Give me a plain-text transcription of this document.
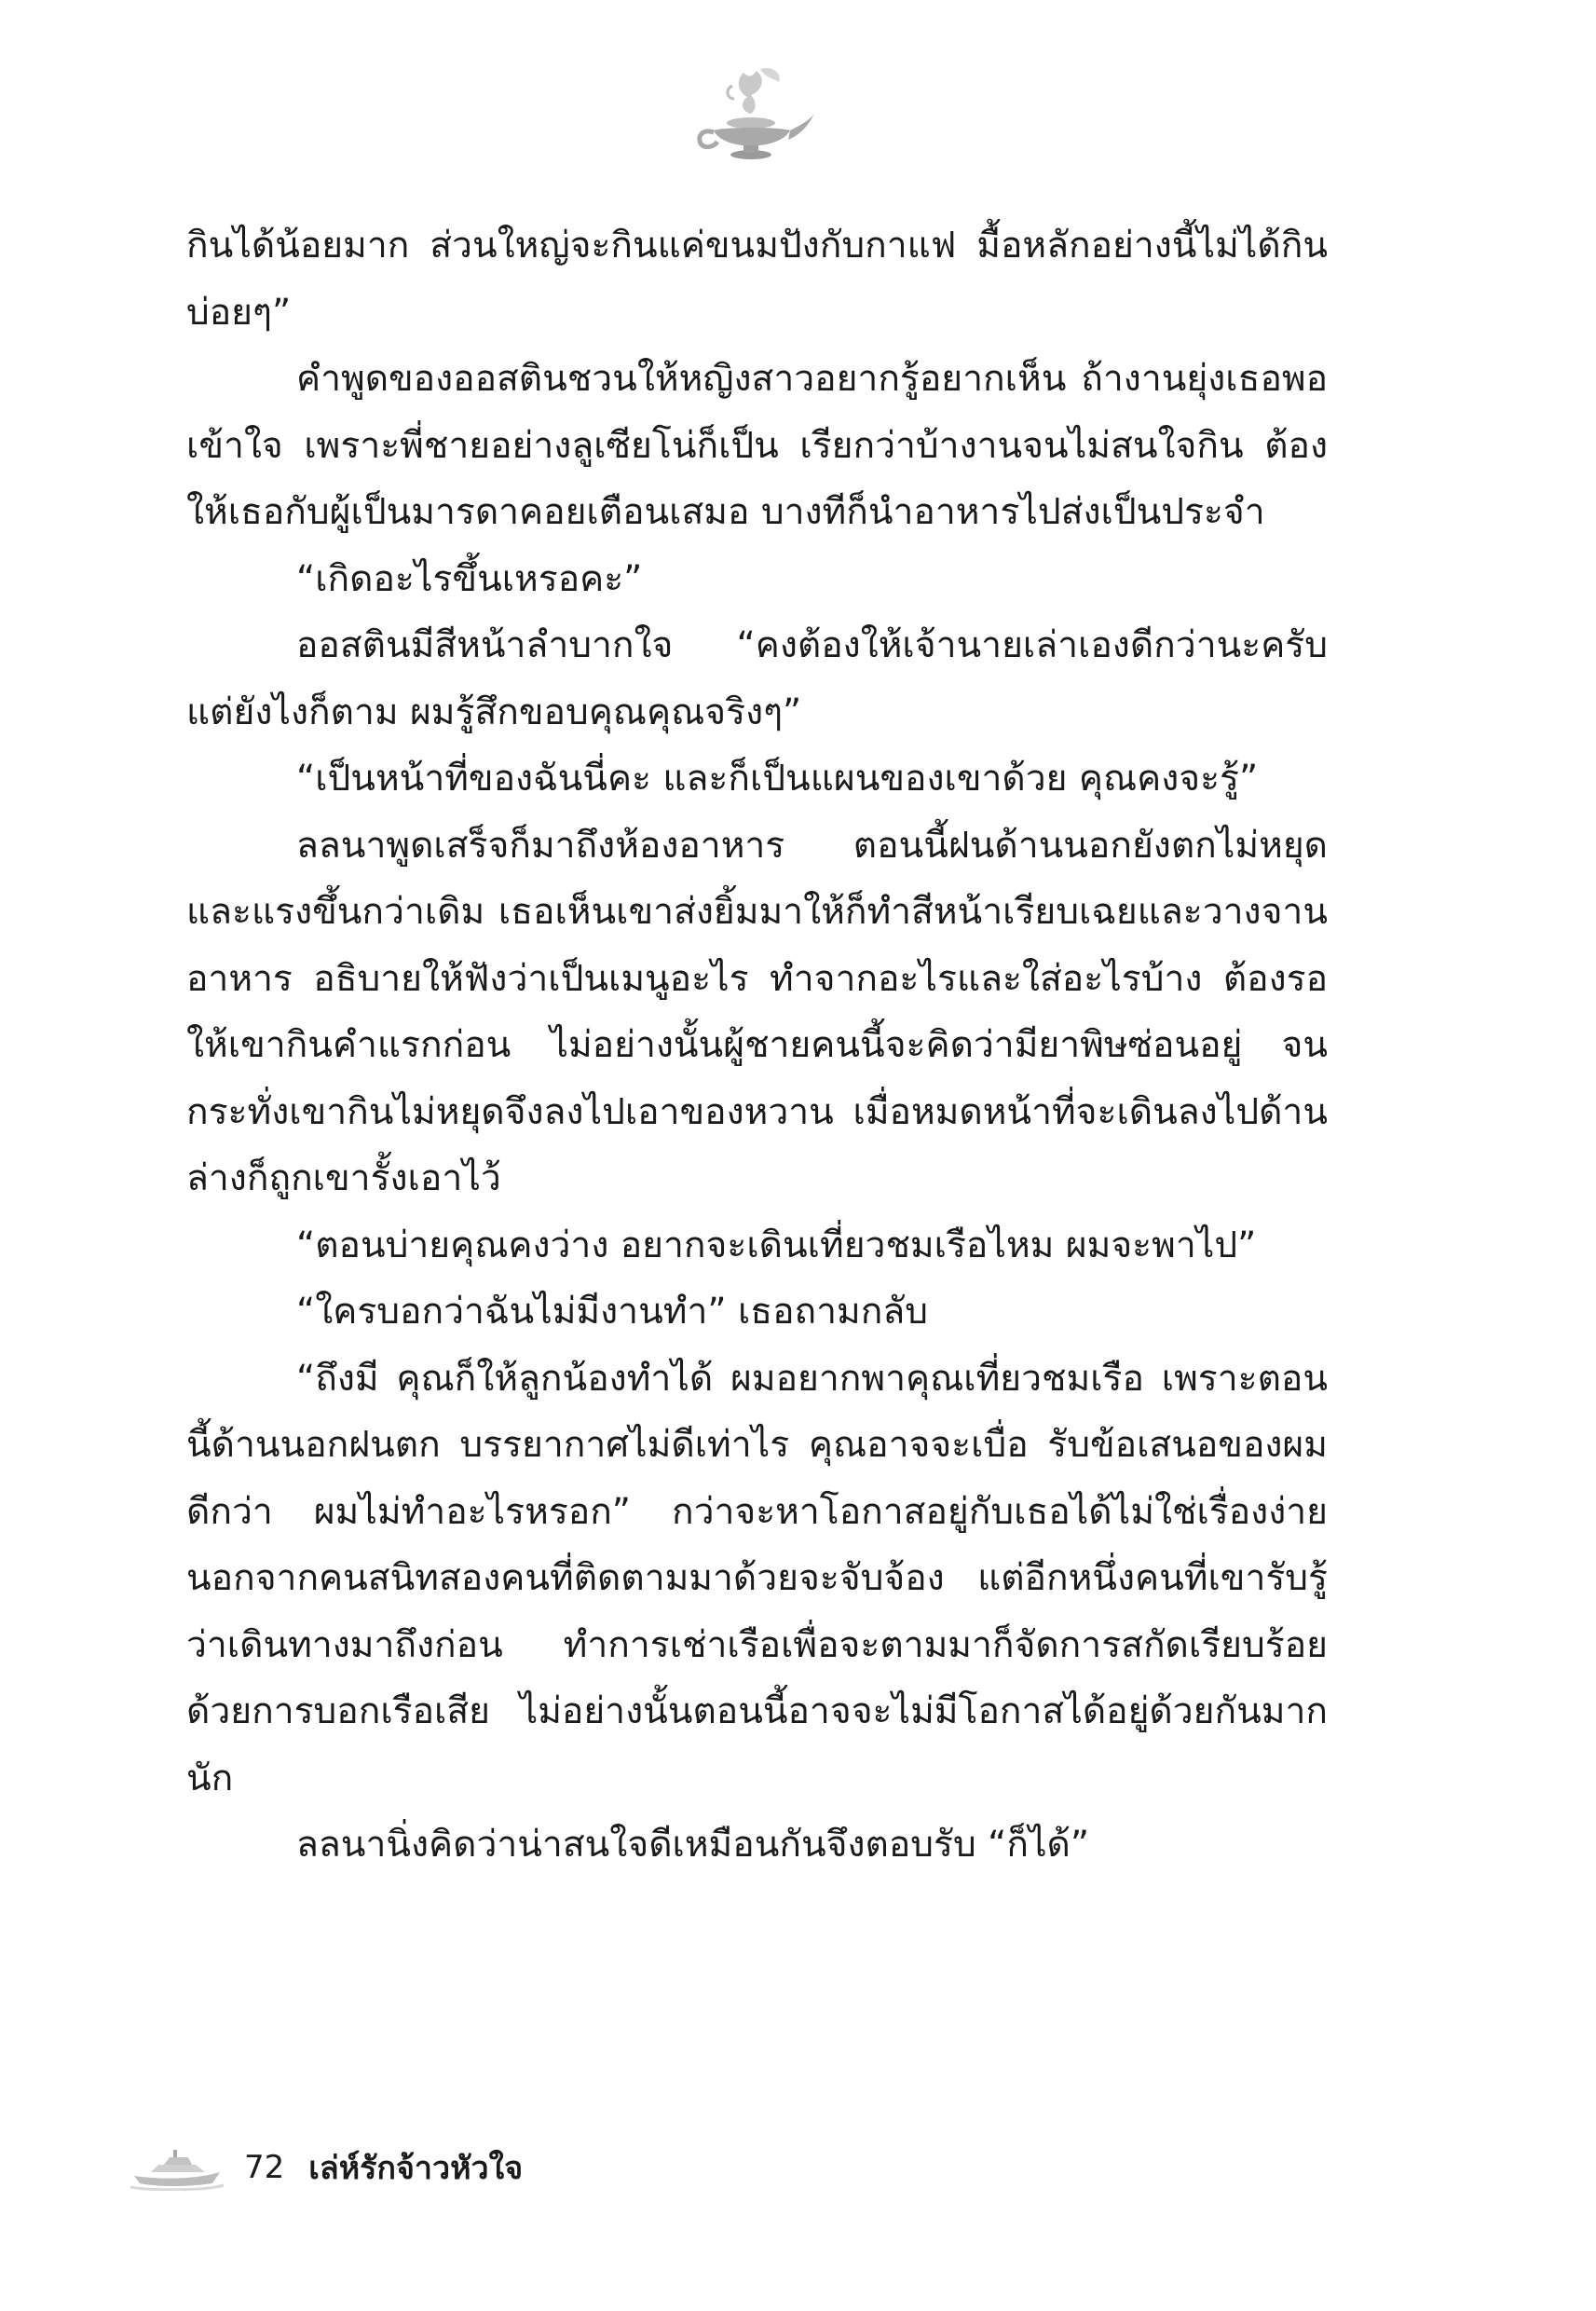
กินได้น้อยมาก ส่วนใหญ่จะกินแค่ขนมปังกับกาแฟ มื้อหลักอย่างนี้ไม่ได้กินบ่อยๆ”

คำพูดของออสตินชวนให้หญิงสาวอยากรู้อยากเห็น ถ้างานยุ่งเธอพอเข้าใจ เพราะพี่ชายอย่างลูเซียโน่ก็เป็น เรียกว่าบ้างานจนไม่สนใจกิน ต้องให้เธอกับผู้เป็นมารดาคอยเตือนเสมอ บางทีก็นำอาหารไปส่งเป็นประจำ

“เกิดอะไรขึ้นเหรอคะ”

ออสตินมีสีหน้าลำบากใจ “คงต้องให้เจ้านายเล่าเองดีกว่านะครับ แต่ยังไงก็ตาม ผมรู้สึกขอบคุณคุณจริงๆ”

“เป็นหน้าที่ของฉันนี่คะ และก็เป็นแผนของเขาด้วย คุณคงจะรู้”

ลลนาพูดเสร็จก็มาถึงห้องอาหาร ตอนนี้ฝนด้านนอกยังตกไม่หยุดและแรงขึ้นกว่าเดิม เธอเห็นเขาส่งยิ้มมาให้ก็ทำสีหน้าเรียบเฉยและวางจานอาหาร อธิบายให้ฟังว่าเป็นเมนูอะไร ทำจากอะไรและใส่อะไรบ้าง ต้องรอให้เขากินคำแรกก่อน ไม่อย่างนั้นผู้ชายคนนี้จะคิดว่ามียาพิษซ่อนอยู่ จนกระทั่งเขากินไม่หยุดจึงลงไปเอาของหวาน เมื่อหมดหน้าที่จะเดินลงไปด้านล่างก็ถูกเขารั้งเอาไว้

“ตอนบ่ายคุณคงว่าง อยากจะเดินเที่ยวชมเรือไหม ผมจะพาไป”

“ใครบอกว่าฉันไม่มีงานทำ” เธอถามกลับ

“ถึงมี คุณก็ให้ลูกน้องทำได้ ผมอยากพาคุณเที่ยวชมเรือ เพราะตอนนี้ด้านนอกฝนตก บรรยากาศไม่ดีเท่าไร คุณอาจจะเบื่อ รับข้อเสนอของผมดีกว่า ผมไม่ทำอะไรหรอก” กว่าจะหาโอกาสอยู่กับเธอได้ไม่ใช่เรื่องง่าย นอกจากคนสนิทสองคนที่ติดตามมาด้วยจะจับจ้อง แต่อีกหนึ่งคนที่เขารับรู้ว่าเดินทางมาถึงก่อน ทำการเช่าเรือเพื่อจะตามมาก็จัดการสกัดเรียบร้อยด้วยการบอกเรือเสีย ไม่อย่างนั้นตอนนี้อาจจะไม่มีโอกาสได้อยู่ด้วยกันมากนัก

ลลนานิ่งคิดว่าน่าสนใจดีเหมือนกันจึงตอบรับ “ก็ได้”

72 เล่ห์รักจ้าวหัวใจ
